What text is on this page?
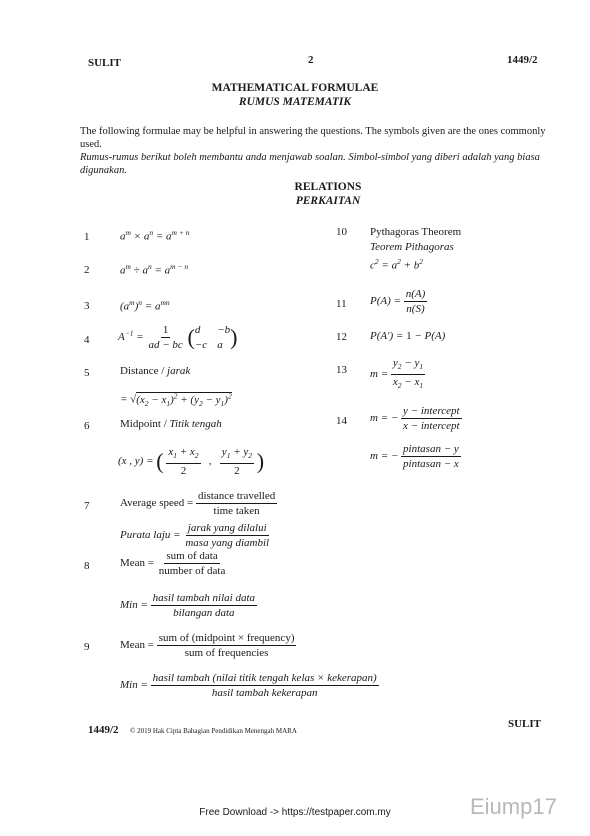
SULIT	2	1449/2
MATHEMATICAL FORMULAE
RUMUS MATEMATIK
The following formulae may be helpful in answering the questions. The symbols given are the ones commonly used.
Rumus-rumus berikut boleh membantu anda menjawab soalan. Simbol-simbol yang diberi adalah yang biasa digunakan.
RELATIONS
PERKAITAN
1
2
3
4
5
6
7
8
9
$a^m \times a^n = a^{m + n}$
$a^m \div a^n = a^{m - n}$
$(a^m)^n = a^{mn}$
$A^{-1} = \frac{1}{ad - bc}$ ( d	−b
−c a )
Distance / jarak
= $√(x_2 - x_1)^2 + (y_2 - y_1)^2$
Midpoint / Titik tengah
(x , y) = ( $\frac{x_1 + x_2}{2}$ , $\frac{y_1 + y_2}{2}$ )
Average speed = $\frac{\text{distance travelled}}{\text{time taken}}$
Purata laju = $\frac{\text{jarak yang dilalui}}{\text{masa yang diambil}}$
Mean = $\frac{\text{sum of data}}{\text{number of data}}$
Min = $\frac{\text{hasil tambah nilai data}}{\text{bilangan data}}$
Mean = $\frac{\text{sum of (midpoint × frequency)}}{\text{sum of frequencies}}$
Min = $\frac{\text{hasil tambah (nilai titik tengah kelas × kekerapan)}}{\text{hasil tambah kekerapan}}$
10
11
12
13
14
Pythagoras Theorem
Teorem Pithagoras
$c^2 = a^2 + b^2$
$P(A) = \frac{n(A)}{n(S)}$
P(A′) = 1 − P(A)
$m = \frac{y_2 - y_1}{x_2 - x_1}$
m = − $\frac{\text{y − intercept}}{\text{x − intercept}}$
m = − $\frac{\text{pintasan − y}}{\text{pintasan − x}}$
1449/2 © 2019 Hak Cipta Bahagian Pendidikan Menengah MARA
SULIT
Free Download -> https://testpaper.com.my	Eiump17
